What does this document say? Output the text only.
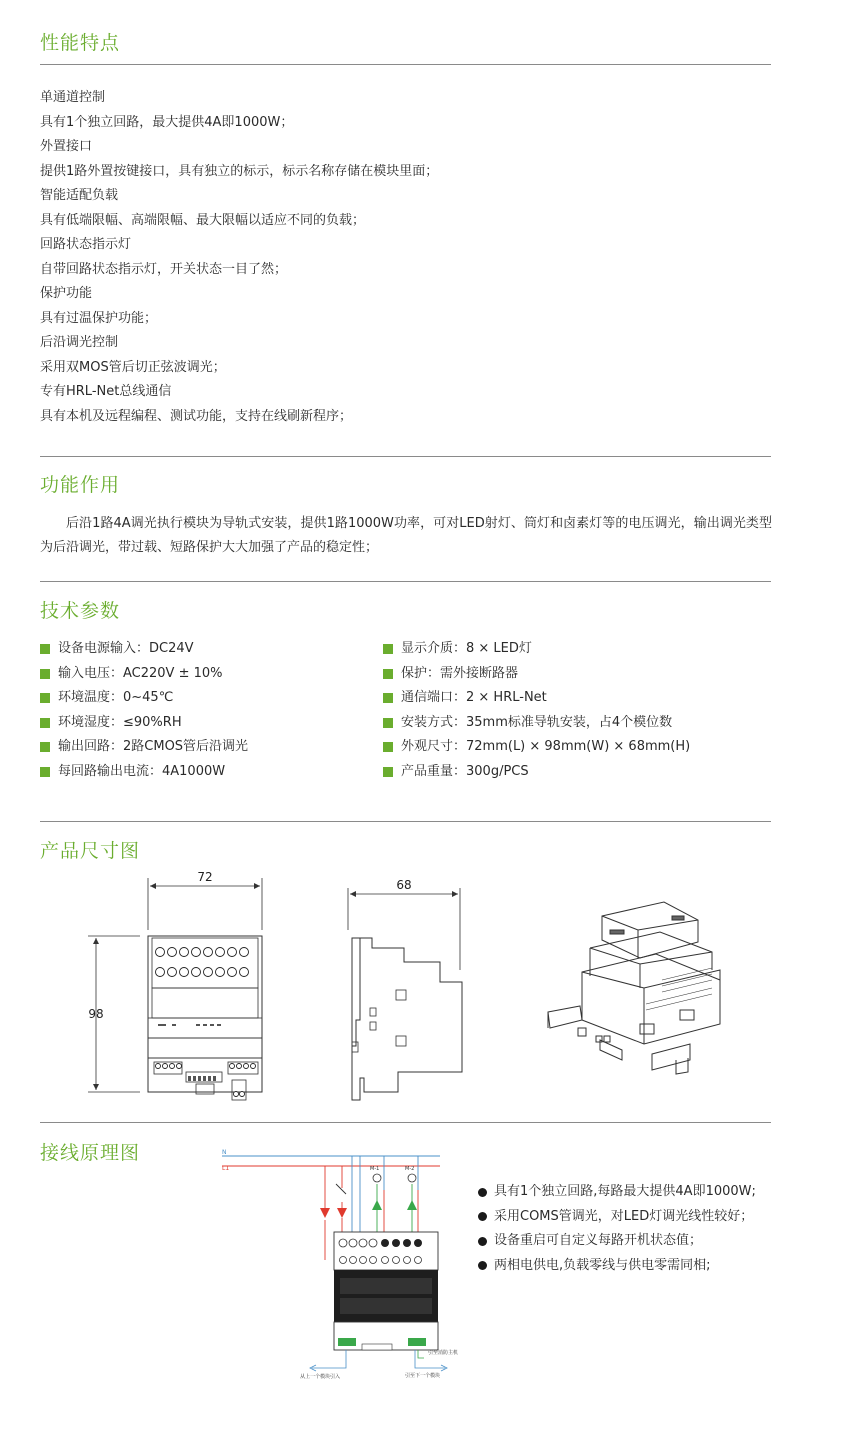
性能特点
单通道控制
具有1个独立回路，最大提供4A即1000W；
外置接口
提供1路外置按键接口，具有独立的标示，标示名称存储在模块里面；
智能适配负载
具有低端限幅、高端限幅、最大限幅以适应不同的负载；
回路状态指示灯
自带回路状态指示灯，开关状态一目了然；
保护功能
具有过温保护功能；
后沿调光控制
采用双MOS管后切正弦波调光；
专有HRL-Net总线通信
具有本机及远程编程、测试功能，支持在线刷新程序；
功能作用
后沿1路4A调光执行模块为导轨式安装，提供1路1000W功率，可对LED射灯、筒灯和卤素灯等的电压调光，输出调光类型为后沿调光，带过载、短路保护大大加强了产品的稳定性；
技术参数
设备电源输入：DC24V
输入电压：AC220V ± 10%
环境温度：0~45℃
环境湿度：≤90%RH
输出回路：2路CMOS管后沿调光
每回路输出电流：4A1000W
显示介质：8 × LED灯
保护：需外接断路器
通信端口：2 × HRL-Net
安装方式：35mm标准导轨安装，占4个模位数
外观尺寸：72mm(L) × 98mm(W) × 68mm(H)
产品重量：300g/PCS
产品尺寸图
72
98
68
接线原理图	N
L1	M-1	M-2
从上一个模块引入	引至下一个模块
引至消防主机
具有1个独立回路,每路最大提供4A即1000W;
采用COMS管调光，对LED灯调光线性较好；
设备重启可自定义每路开机状态值；
两相电供电,负载零线与供电零需同相;
